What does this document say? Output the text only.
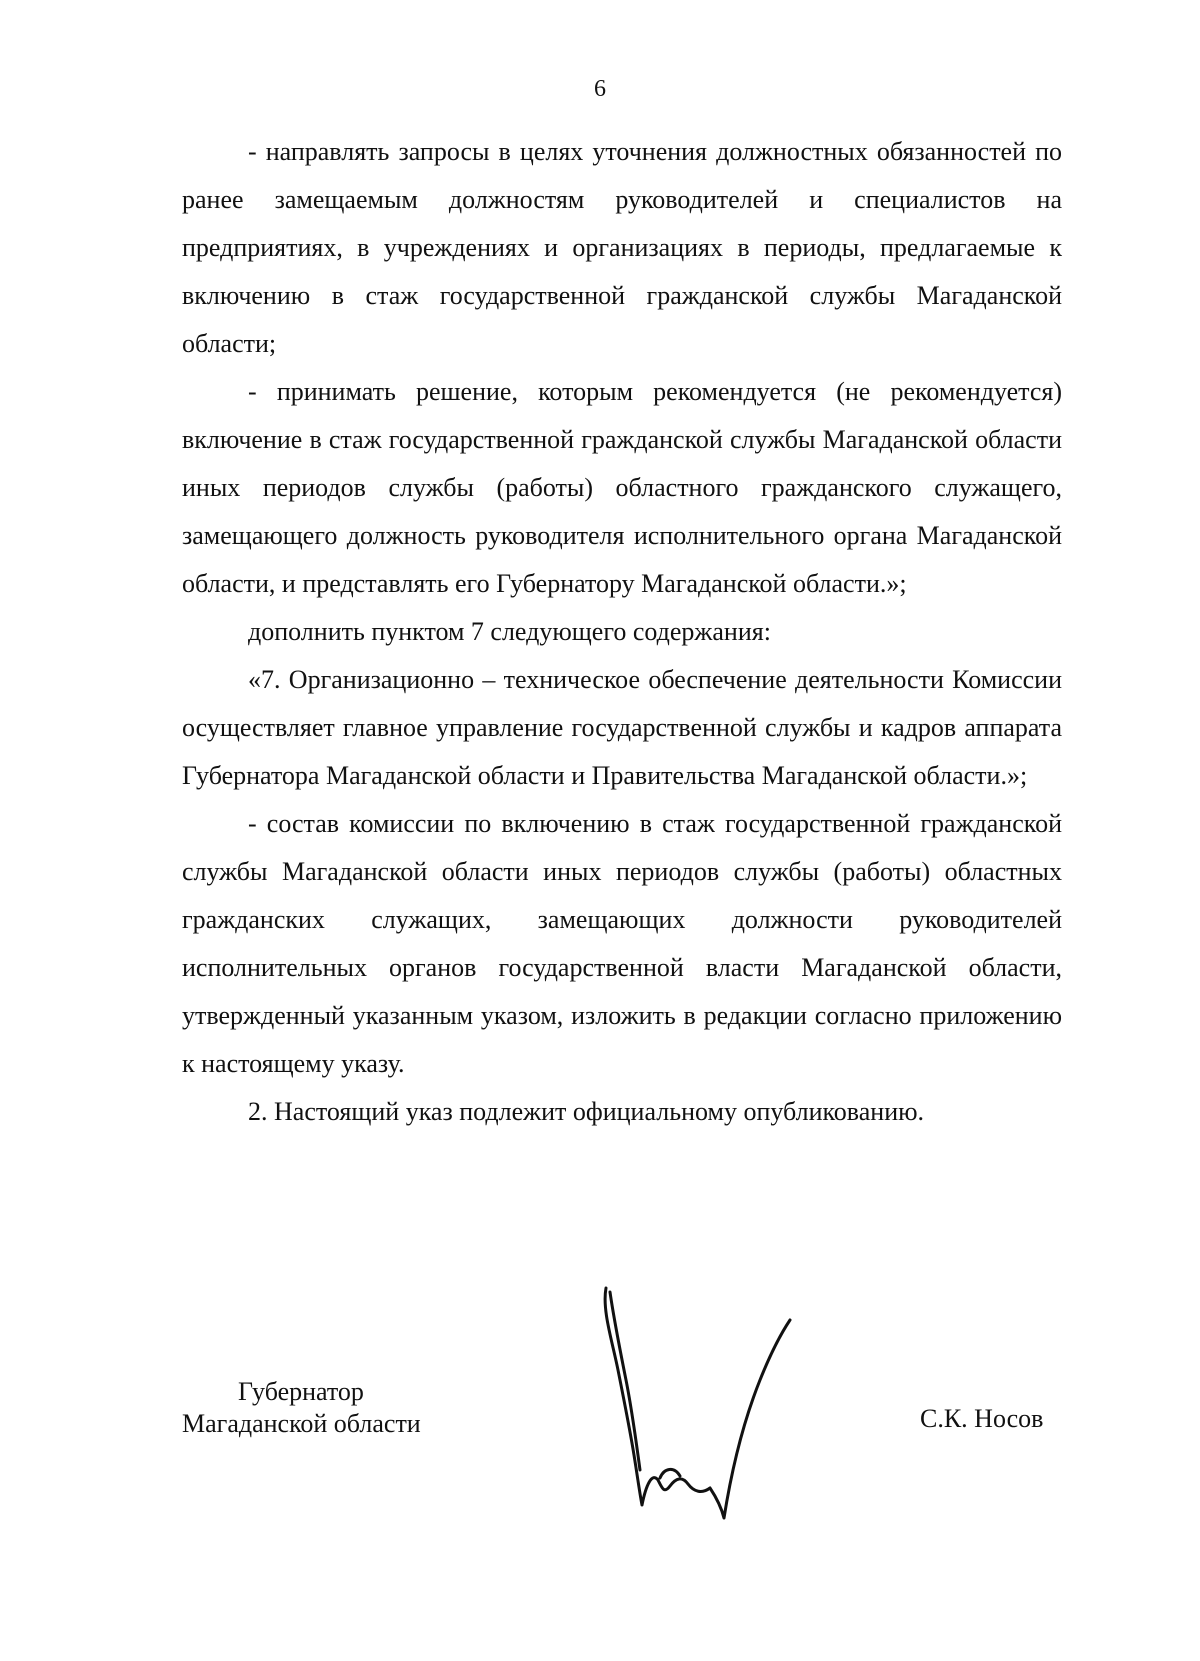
6

- направлять запросы в целях уточнения должностных обязанностей по ранее замещаемым должностям руководителей и специалистов на предприятиях, в учреждениях и организациях в периоды, предлагаемые к включению в стаж государственной гражданской службы Магаданской области;

- принимать решение, которым рекомендуется (не рекомендуется) включение в стаж государственной гражданской службы Магаданской области иных периодов службы (работы) областного гражданского служащего, замещающего должность руководителя исполнительного органа Магаданской области, и представлять его Губернатору Магаданской области.»;

дополнить пунктом 7 следующего содержания:

«7. Организационно – техническое обеспечение деятельности Комиссии осуществляет главное управление государственной службы и кадров аппарата Губернатора Магаданской области и Правительства Магаданской области.»;

- состав комиссии по включению в стаж государственной гражданской службы Магаданской области иных периодов службы (работы) областных гражданских служащих, замещающих должности руководителей исполнительных органов государственной власти Магаданской области, утвержденный указанным указом, изложить в редакции согласно приложению к настоящему указу.

2. Настоящий указ подлежит официальному опубликованию.

Губернатор
Магаданской области	С.К. Носов
